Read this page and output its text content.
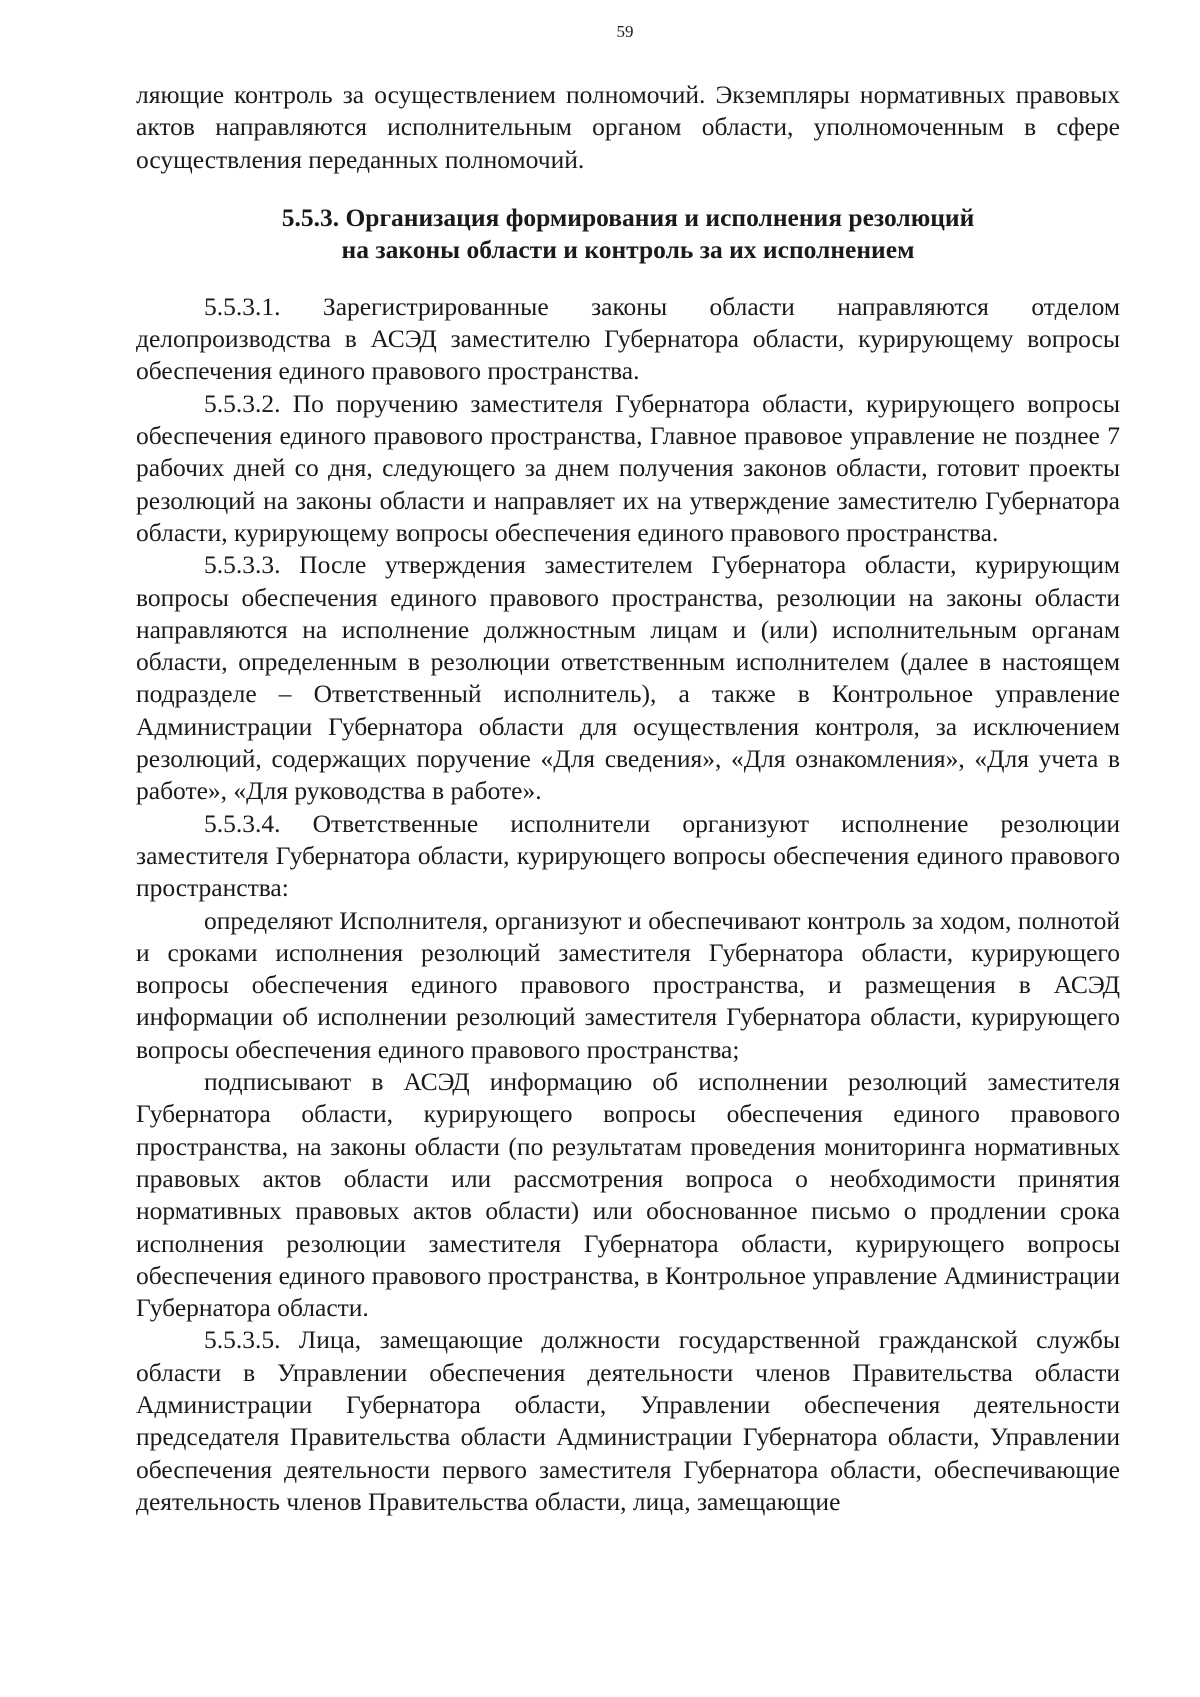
59

ляющие контроль за осуществлением полномочий. Экземпляры нормативных правовых актов направляются исполнительным органом области, уполномоченным в сфере осуществления переданных полномочий.

5.5.3. Организация формирования и исполнения резолюций
на законы области и контроль за их исполнением

5.5.3.1. Зарегистрированные законы области направляются отделом делопроизводства в АСЭД заместителю Губернатора области, курирующему вопросы обеспечения единого правового пространства.

5.5.3.2. По поручению заместителя Губернатора области, курирующего вопросы обеспечения единого правового пространства, Главное правовое управление не позднее 7 рабочих дней со дня, следующего за днем получения законов области, готовит проекты резолюций на законы области и направляет их на утверждение заместителю Губернатора области, курирующему вопросы обеспечения единого правового пространства.

5.5.3.3. После утверждения заместителем Губернатора области, курирующим вопросы обеспечения единого правового пространства, резолюции на законы области направляются на исполнение должностным лицам и (или) исполнительным органам области, определенным в резолюции ответственным исполнителем (далее в настоящем подразделе – Ответственный исполнитель), а также в Контрольное управление Администрации Губернатора области для осуществления контроля, за исключением резолюций, содержащих поручение «Для сведения», «Для ознакомления», «Для учета в работе», «Для руководства в работе».

5.5.3.4. Ответственные исполнители организуют исполнение резолюции заместителя Губернатора области, курирующего вопросы обеспечения единого правового пространства:

определяют Исполнителя, организуют и обеспечивают контроль за ходом, полнотой и сроками исполнения резолюций заместителя Губернатора области, курирующего вопросы обеспечения единого правового пространства, и размещения в АСЭД информации об исполнении резолюций заместителя Губернатора области, курирующего вопросы обеспечения единого правового пространства;

подписывают в АСЭД информацию об исполнении резолюций заместителя Губернатора области, курирующего вопросы обеспечения единого правового пространства, на законы области (по результатам проведения мониторинга нормативных правовых актов области или рассмотрения вопроса о необходимости принятия нормативных правовых актов области) или обоснованное письмо о продлении срока исполнения резолюции заместителя Губернатора области, курирующего вопросы обеспечения единого правового пространства, в Контрольное управление Администрации Губернатора области.

5.5.3.5. Лица, замещающие должности государственной гражданской службы области в Управлении обеспечения деятельности членов Правительства области Администрации Губернатора области, Управлении обеспечения деятельности председателя Правительства области Администрации Губернатора области, Управлении обеспечения деятельности первого заместителя Губернатора области, обеспечивающие деятельность членов Правительства области, лица, замещающие
